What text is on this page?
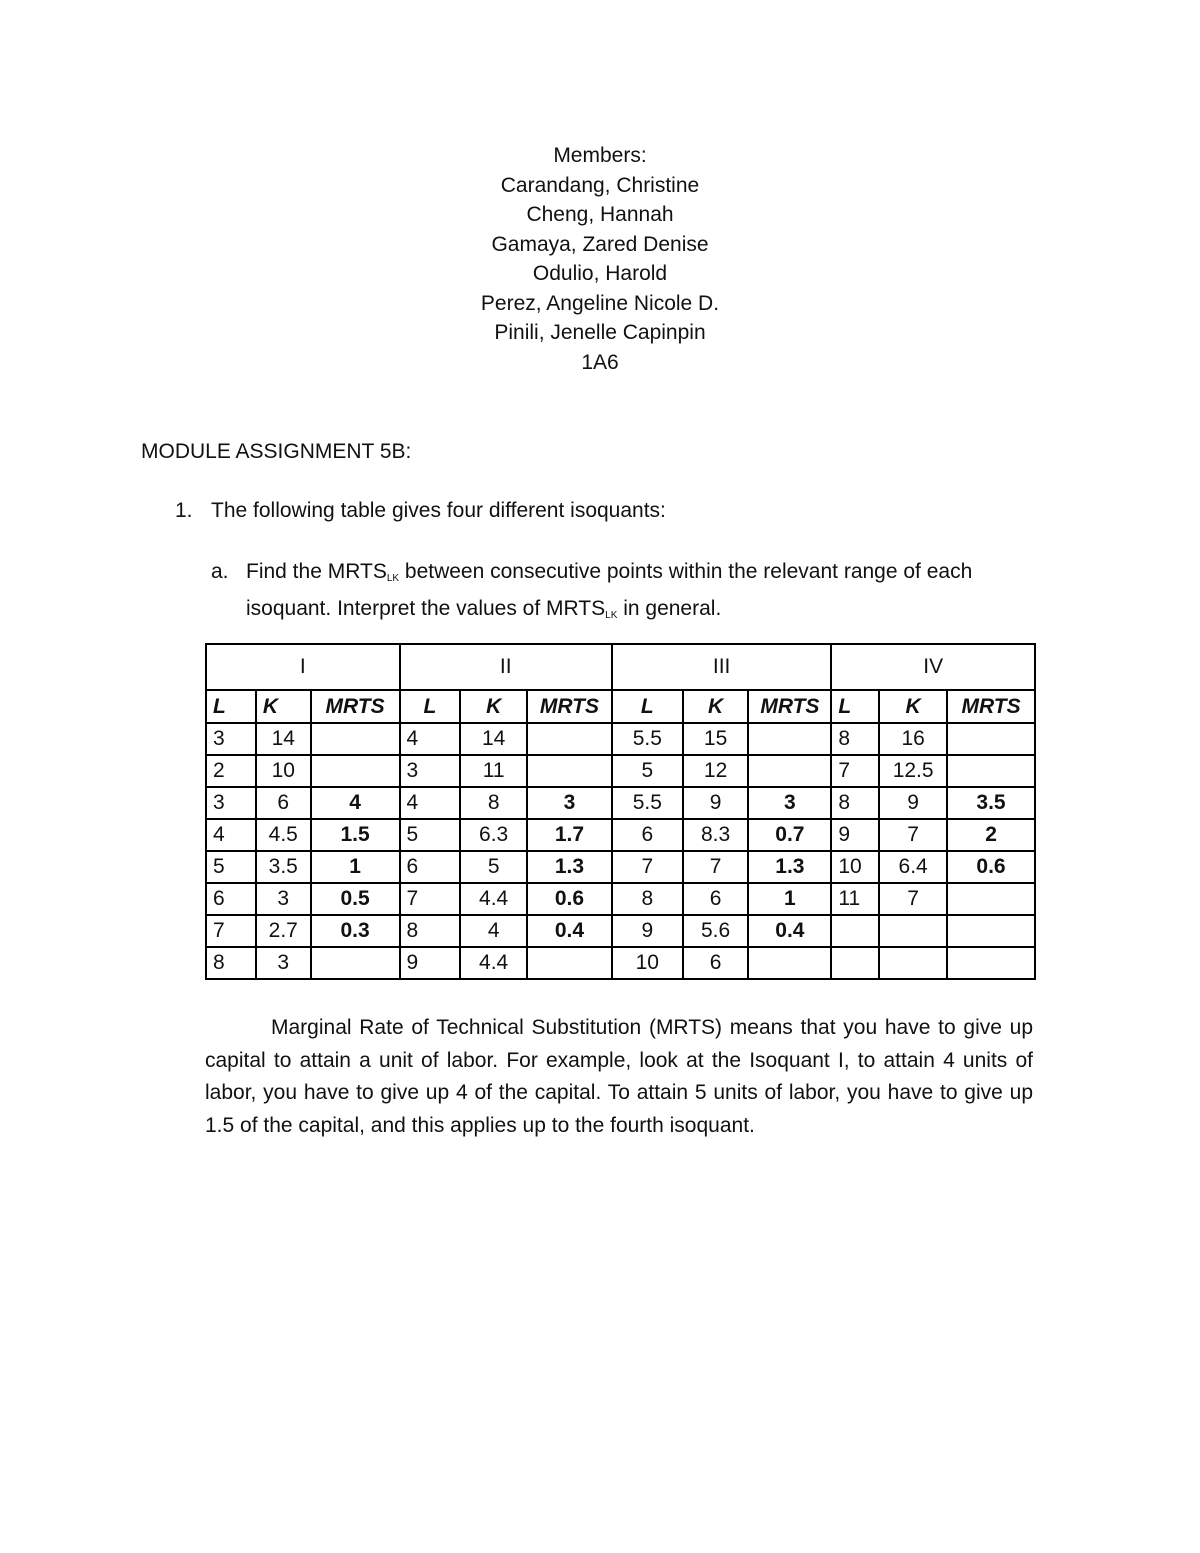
Members:
Carandang, Christine
Cheng, Hannah
Gamaya, Zared Denise
Odulio, Harold
Perez, Angeline Nicole D.
Pinili, Jenelle Capinpin
1A6
MODULE ASSIGNMENT 5B:
1. The following table gives four different isoquants:
a. Find the $MRTS_{LK}$ between consecutive points within the relevant range of each isoquant. Interpret the values of $MRTS_{LK}$ in general.
I			II			III			IV		
L	K	MRTS	L	K	MRTS	L	K	MRTS	L	K	MRTS
3	14		4	14		5.5	15		8	16	
2	10		3	11		5	12		7	12.5	
3	6	4	4	8	3	5.5	9	3	8	9	3.5
4	4.5	1.5	5	6.3	1.7	6	8.3	0.7	9	7	2
5	3.5	1	6	5	1.3	7	7	1.3	10	6.4	0.6
6	3	0.5	7	4.4	0.6	8	6	1	11	7	
7	2.7	0.3	8	4	0.4	9	5.6	0.4			
8	3		9	4.4		10	6				
Marginal Rate of Technical Substitution (MRTS) means that you have to give up capital to attain a unit of labor. For example, look at the Isoquant I, to attain 4 units of labor, you have to give up 4 of the capital. To attain 5 units of labor, you have to give up 1.5 of the capital, and this applies up to the fourth isoquant.
